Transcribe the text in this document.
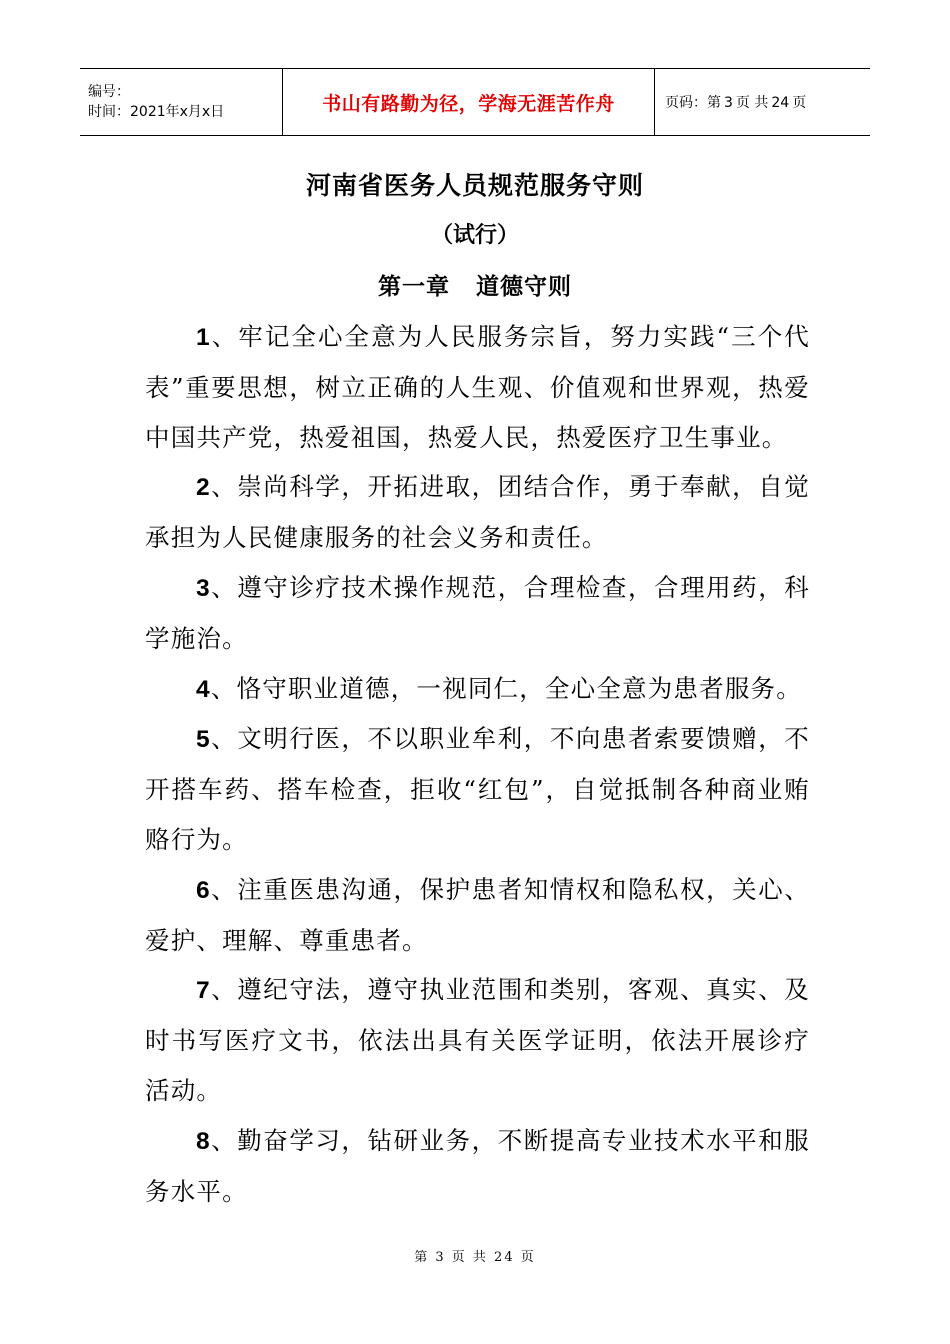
编号：
时间：2021年x月x日	书山有路勤为径，学海无涯苦作舟	页码：第 3 页 共 24 页
河南省医务人员规范服务守则
（试行）
第一章 道德守则

1、牢记全心全意为人民服务宗旨，努力实践“三个代表”重要思想，树立正确的人生观、价值观和世界观，热爱中国共产党，热爱祖国，热爱人民，热爱医疗卫生事业。

2、崇尚科学，开拓进取，团结合作，勇于奉献，自觉承担为人民健康服务的社会义务和责任。

3、遵守诊疗技术操作规范，合理检查，合理用药，科学施治。

4、恪守职业道德，一视同仁，全心全意为患者服务。

5、文明行医，不以职业牟利，不向患者索要馈赠，不开搭车药、搭车检查，拒收“红包”，自觉抵制各种商业贿赂行为。

6、注重医患沟通，保护患者知情权和隐私权，关心、爱护、理解、尊重患者。

7、遵纪守法，遵守执业范围和类别，客观、真实、及时书写医疗文书，依法出具有关医学证明，依法开展诊疗活动。

8、勤奋学习，钻研业务，不断提高专业技术水平和服务水平。

第 3 页 共 24 页
